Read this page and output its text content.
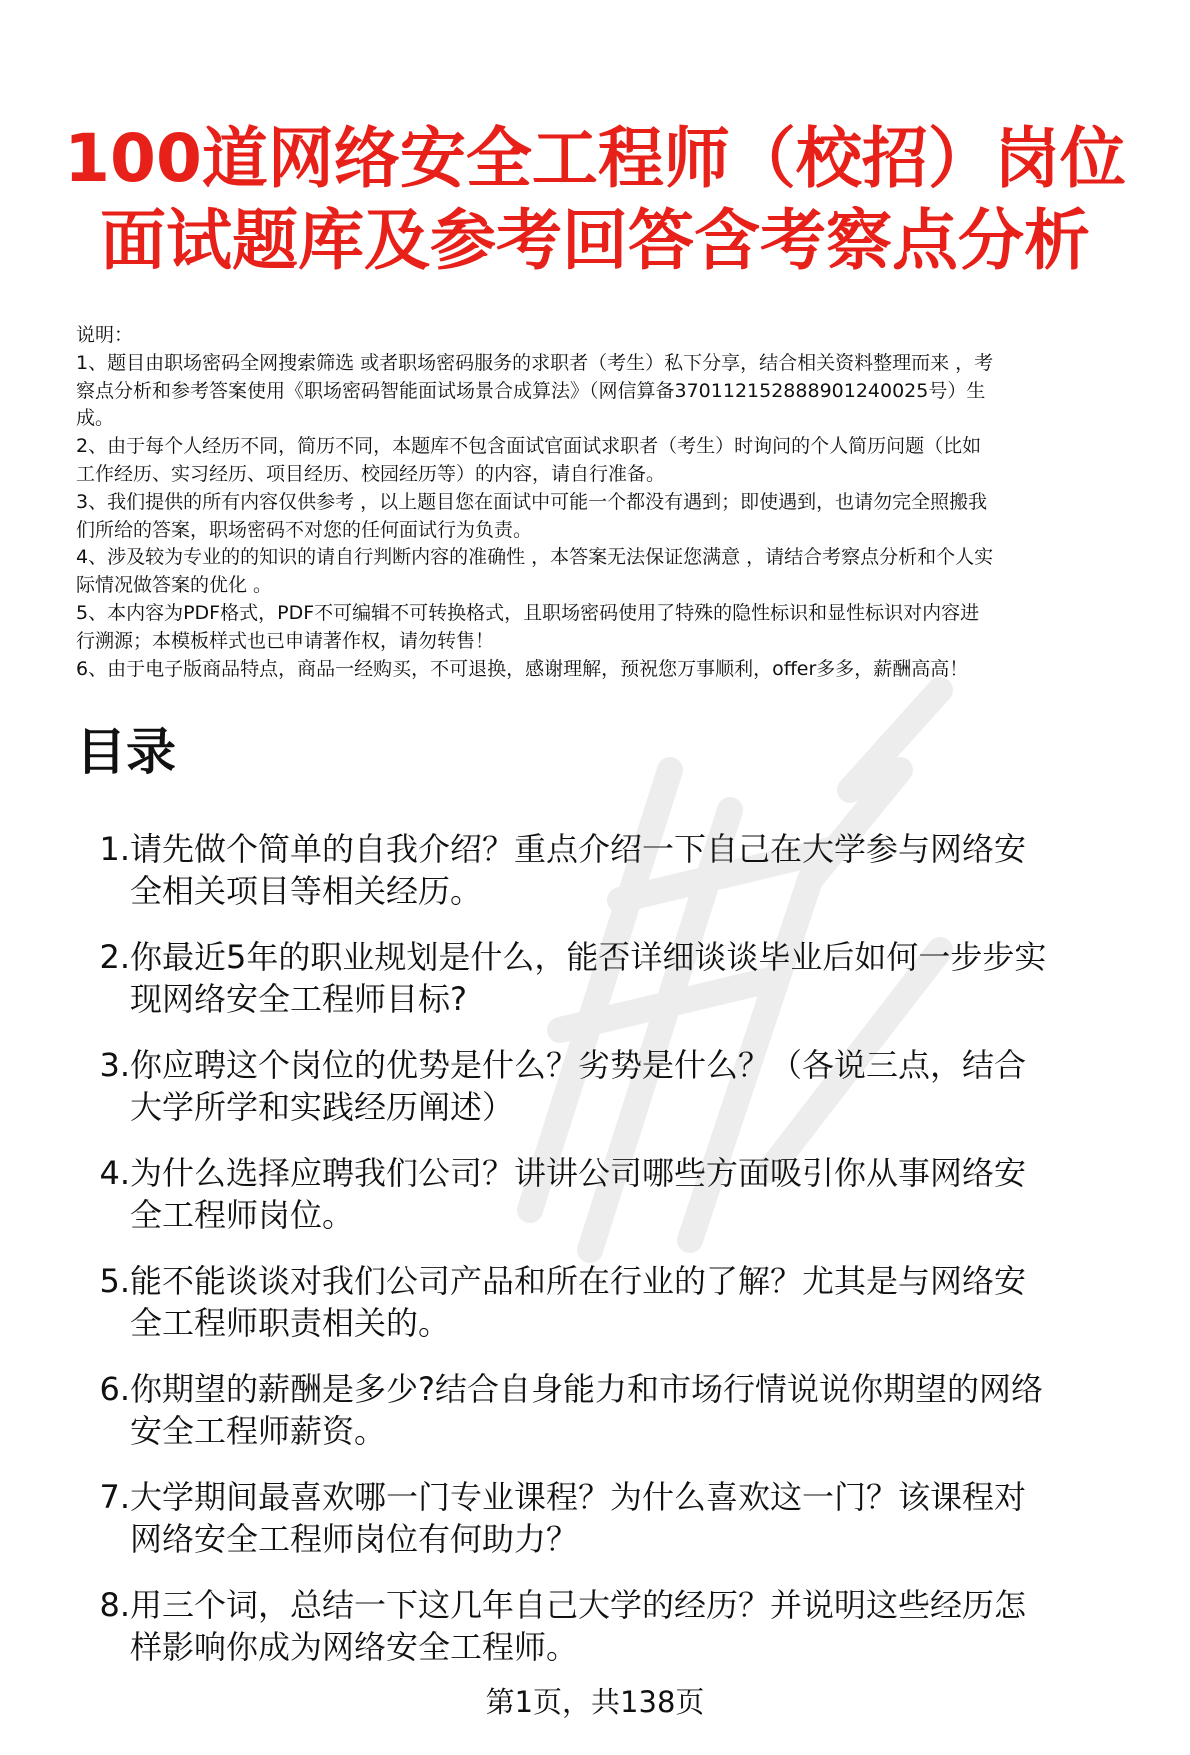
100道网络安全工程师（校招）岗位
面试题库及参考回答含考察点分析

说明：

1、题目由职场密码全网搜索筛选 或者职场密码服务的求职者（考生）私下分享，结合相关资料整理而来 ，考

察点分析和参考答案使用《职场密码智能面试场景合成算法》（网信算备370112152888901240025号）生

成。

2、由于每个人经历不同，简历不同，本题库不包含面试官面试求职者（考生）时询问的个人简历问题（比如

工作经历、实习经历、项目经历、校园经历等）的内容，请自行准备。

3、我们提供的所有内容仅供参考 ，以上题目您在面试中可能一个都没有遇到；即使遇到，也请勿完全照搬我

们所给的答案，职场密码不对您的任何面试行为负责。

4、涉及较为专业的的知识的请自行判断内容的准确性 ，本答案无法保证您满意 ，请结合考察点分析和个人实

际情况做答案的优化 。

5、本内容为PDF格式，PDF不可编辑不可转换格式，且职场密码使用了特殊的隐性标识和显性标识对内容进

行溯源；本模板样式也已申请著作权，请勿转售！

6、由于电子版商品特点，商品一经购买，不可退换，感谢理解，预祝您万事顺利，offer多多，薪酬高高！

目录
1. 请先做个简单的自我介绍？重点介绍一下自己在大学参与网络安
全相关项目等相关经历。
2. 你最近5年的职业规划是什么，能否详细谈谈毕业后如何一步步实
现网络安全工程师目标?
3. 你应聘这个岗位的优势是什么？劣势是什么？（各说三点，结合
大学所学和实践经历阐述）
4. 为什么选择应聘我们公司？讲讲公司哪些方面吸引你从事网络安
全工程师岗位。
5. 能不能谈谈对我们公司产品和所在行业的了解？尤其是与网络安
全工程师职责相关的。
6. 你期望的薪酬是多少?结合自身能力和市场行情说说你期望的网络
安全工程师薪资。
7. 大学期间最喜欢哪一门专业课程？为什么喜欢这一门？该课程对
网络安全工程师岗位有何助力？
8. 用三个词，总结一下这几年自己大学的经历？并说明这些经历怎
样影响你成为网络安全工程师。
第1页，共138页
